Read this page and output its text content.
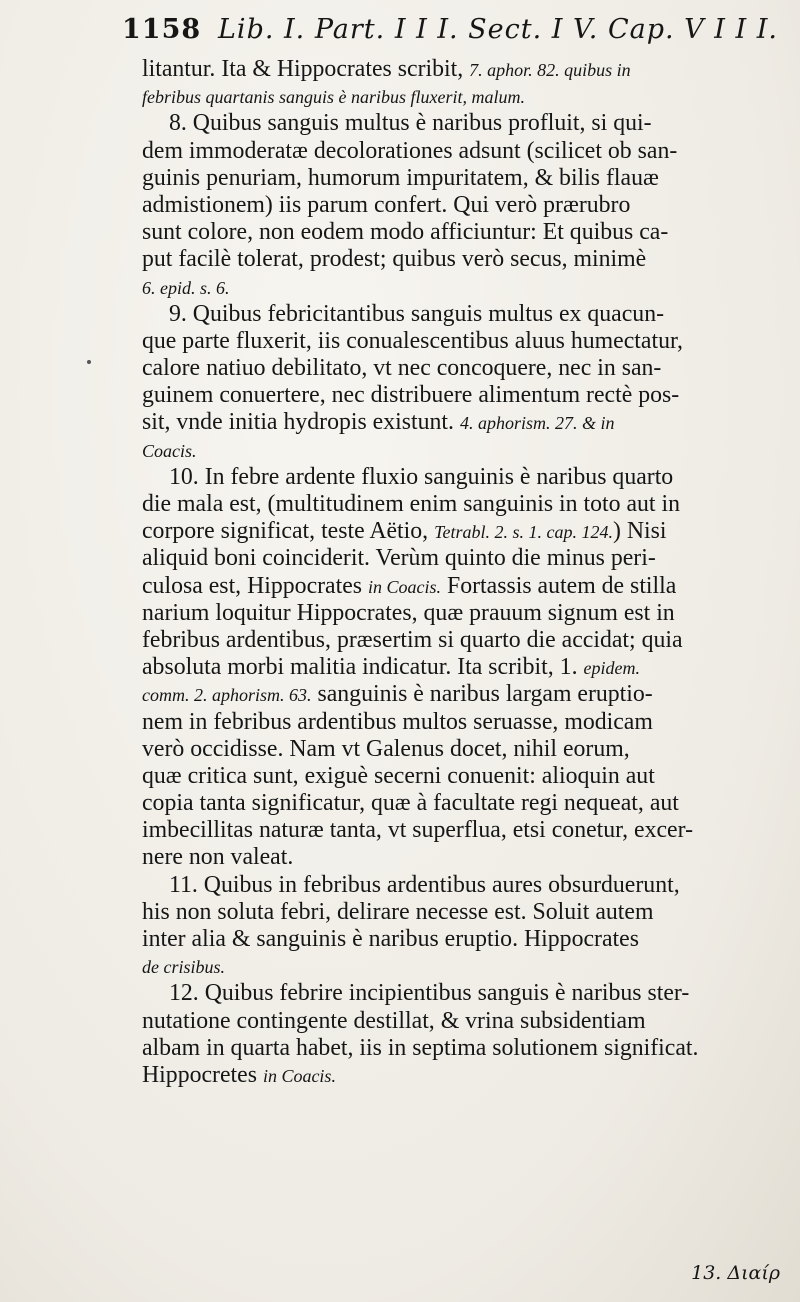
1158 Lib. I. Part. I I I. Sect. I V. Cap. V I I I.
litantur. Ita & Hippocrates scribit, 7. aphor. 82. quibus in
febribus quartanis sanguis è naribus fluxerit, malum.
8. Quibus sanguis multus è naribus profluit, si qui-
dem immoderatæ decolorationes adsunt (scilicet ob san-
guinis penuriam, humorum impuritatem, & bilis flauæ
admistionem) iis parum confert. Qui verò prærubro
sunt colore, non eodem modo afficiuntur: Et quibus ca-
put facilè tolerat, prodest; quibus verò secus, minimè
6. epid. s. 6.
9. Quibus febricitantibus sanguis multus ex quacun-
que parte fluxerit, iis conualescentibus aluus humectatur,
calore natiuo debilitato, vt nec concoquere, nec in san-
guinem conuertere, nec distribuere alimentum rectè pos-
sit, vnde initia hydropis existunt. 4. aphorism. 27. & in
Coacis.
10. In febre ardente fluxio sanguinis è naribus quarto
die mala est, (multitudinem enim sanguinis in toto aut in
corpore significat, teste Aëtio, Tetrabl. 2. s. 1. cap. 124.) Nisi
aliquid boni coinciderit. Verùm quinto die minus peri-
culosa est, Hippocrates in Coacis. Fortassis autem de stilla
narium loquitur Hippocrates, quæ prauum signum est in
febribus ardentibus, præsertim si quarto die accidat; quia
absoluta morbi malitia indicatur. Ita scribit, 1. epidem.
comm. 2. aphorism. 63. sanguinis è naribus largam eruptio-
nem in febribus ardentibus multos seruasse, modicam
verò occidisse. Nam vt Galenus docet, nihil eorum,
quæ critica sunt, exiguè secerni conuenit: alioquin aut
copia tanta significatur, quæ à facultate regi nequeat, aut
imbecillitas naturæ tanta, vt superflua, etsi conetur, excer-
nere non valeat.
11. Quibus in febribus ardentibus aures obsurduerunt,
his non soluta febri, delirare necesse est. Soluit autem
inter alia & sanguinis è naribus eruptio. Hippocrates
de crisibus.
12. Quibus febrire incipientibus sanguis è naribus ster-
nutatione contingente destillat, & vrina subsidentiam
albam in quarta habet, iis in septima solutionem significat.
Hippocretes in Coacis.
13. Διαίρ
